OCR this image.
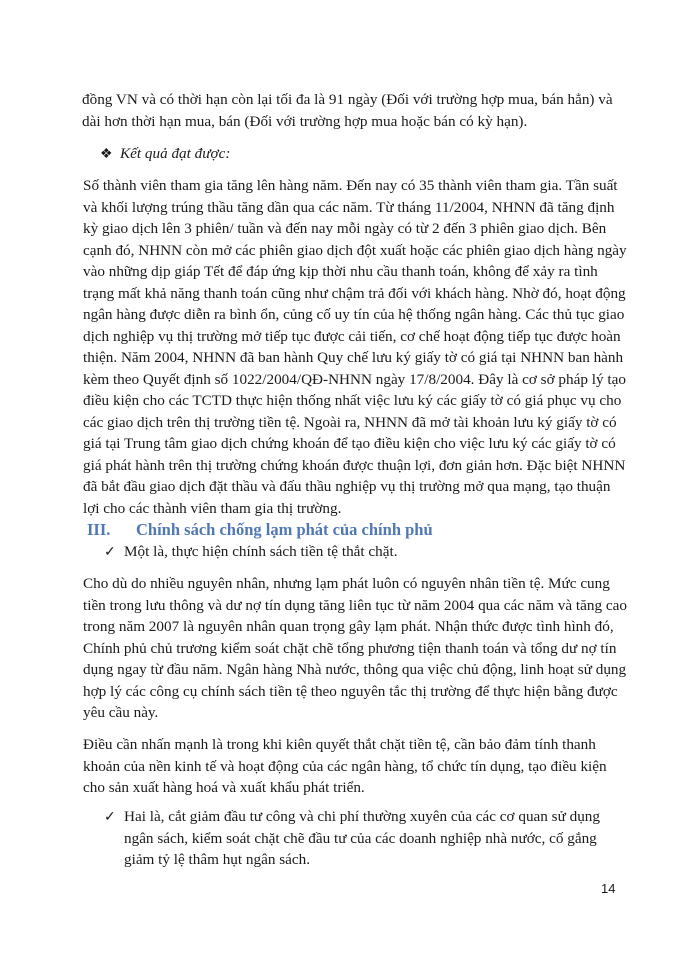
đồng VN và có thời hạn còn lại tối đa là 91 ngày (Đối với trường hợp mua, bán hẳn) và
dài hơn thời hạn mua, bán (Đối với trường hợp mua hoặc bán có kỳ hạn).

❖ Kết quả đạt được:

Số thành viên tham gia tăng lên hàng năm. Đến nay có 35 thành viên tham gia. Tần suất
và khối lượng trúng thầu tăng dần qua các năm. Từ tháng 11/2004, NHNN đã tăng định
kỳ giao dịch lên 3 phiên/ tuần và đến nay mỗi ngày có từ 2 đến 3 phiên giao dịch. Bên
cạnh đó, NHNN còn mở các phiên giao dịch đột xuất hoặc các phiên giao dịch hàng ngày
vào những dịp giáp Tết để đáp ứng kịp thời nhu cầu thanh toán, không để xảy ra tình
trạng mất khả năng thanh toán cũng như chậm trả đối với khách hàng. Nhờ đó, hoạt động
ngân hàng được diễn ra bình ổn, củng cố uy tín của hệ thống ngân hàng. Các thủ tục giao
dịch nghiệp vụ thị trường mở tiếp tục được cải tiến, cơ chế hoạt động tiếp tục được hoàn
thiện. Năm 2004, NHNN đã ban hành Quy chế lưu ký giấy tờ có giá tại NHNN ban hành
kèm theo Quyết định số 1022/2004/QĐ-NHNN ngày 17/8/2004. Đây là cơ sở pháp lý tạo
điều kiện cho các TCTD thực hiện thống nhất việc lưu ký các giấy tờ có giá phục vụ cho
các giao dịch trên thị trường tiền tệ. Ngoài ra, NHNN đã mở tài khoản lưu ký giấy tờ có
giá tại Trung tâm giao dịch chứng khoán để tạo điều kiện cho việc lưu ký các giấy tờ có
giá phát hành trên thị trường chứng khoán được thuận lợi, đơn giản hơn. Đặc biệt NHNN
đã bắt đầu giao dịch đặt thầu và đấu thầu nghiệp vụ thị trường mở qua mạng, tạo thuận
lợi cho các thành viên tham gia thị trường.

III. Chính sách chống lạm phát của chính phủ
✓ Một là, thực hiện chính sách tiền tệ thắt chặt.

Cho dù do nhiều nguyên nhân, nhưng lạm phát luôn có nguyên nhân tiền tệ. Mức cung
tiền trong lưu thông và dư nợ tín dụng tăng liên tục từ năm 2004 qua các năm và tăng cao
trong năm 2007 là nguyên nhân quan trọng gây lạm phát. Nhận thức được tình hình đó,
Chính phủ chủ trương kiểm soát chặt chẽ tổng phương tiện thanh toán và tổng dư nợ tín
dụng ngay từ đầu năm. Ngân hàng Nhà nước, thông qua việc chủ động, linh hoạt sử dụng
hợp lý các công cụ chính sách tiền tệ theo nguyên tắc thị trường để thực hiện bằng được
yêu cầu này.

Điều cần nhấn mạnh là trong khi kiên quyết thắt chặt tiền tệ, cần bảo đảm tính thanh
khoản của nền kinh tế và hoạt động của các ngân hàng, tổ chức tín dụng, tạo điều kiện
cho sản xuất hàng hoá và xuất khẩu phát triển.

✓ Hai là, cắt giảm đầu tư công và chi phí thường xuyên của các cơ quan sử dụng
ngân sách, kiểm soát chặt chẽ đầu tư của các doanh nghiệp nhà nước, cố gắng
giảm tỷ lệ thâm hụt ngân sách.
14
